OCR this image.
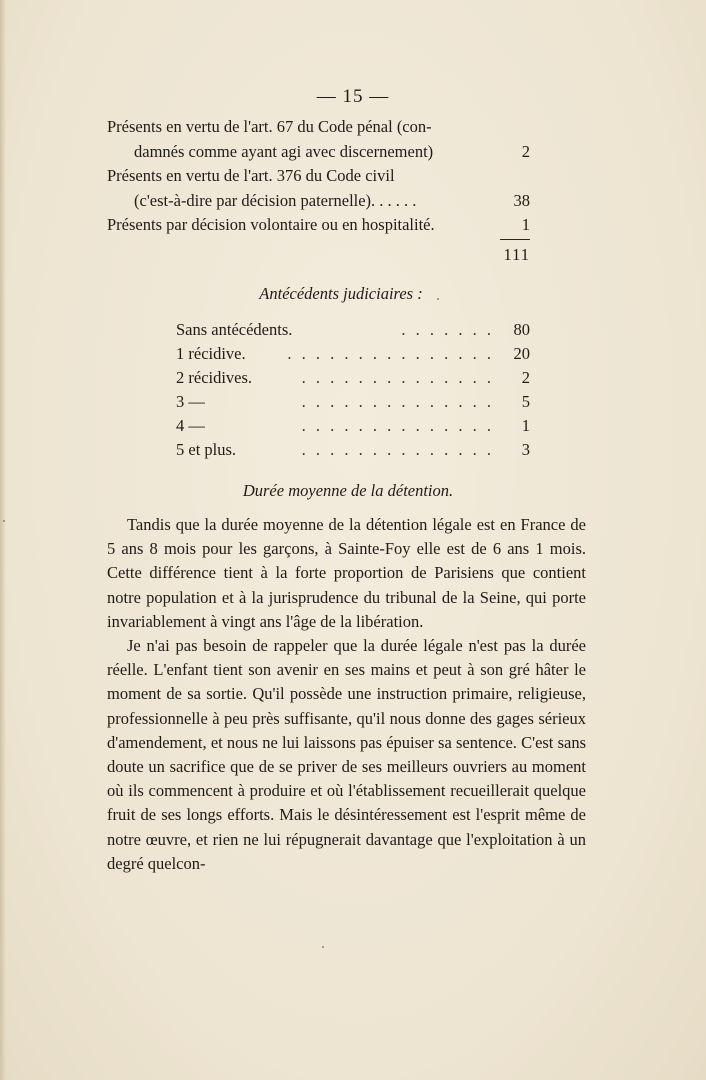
— 15 —
Présents en vertu de l'art. 67 du Code pénal (con-
damnés comme ayant agi avec discernement)	2
Présents en vertu de l'art. 376 du Code civil
(c'est-à-dire par décision paternelle). . . . . .	38
Présents par décision volontaire ou en hospitalité.	1
111
Antécédents judiciaires :
Sans antécédents.	. . . . . . . 80
1 récidive.	. . . . . . . . . . . . . . . 20
2 récidives.	. . . . . . . . . . . . . . 2
3 —	. . . . . . . . . . . . . . 5
4 —	. . . . . . . . . . . . . . 1
5 et plus.	. . . . . . . . . . . . . . 3
Durée moyenne de la détention.

Tandis que la durée moyenne de la détention légale est en France de 5 ans 8 mois pour les garçons, à Sainte-Foy elle est de 6 ans 1 mois. Cette différence tient à la forte proportion de Parisiens que contient notre population et à la jurisprudence du tribunal de la Seine, qui porte invariablement à vingt ans l'âge de la libération.

Je n'ai pas besoin de rappeler que la durée légale n'est pas la durée réelle. L'enfant tient son avenir en ses mains et peut à son gré hâter le moment de sa sortie. Qu'il possède une instruction primaire, religieuse, professionnelle à peu près suffisante, qu'il nous donne des gages sérieux d'amendement, et nous ne lui laissons pas épuiser sa sentence. C'est sans doute un sacrifice que de se priver de ses meilleurs ouvriers au moment où ils commencent à produire et où l'établissement recueillerait quelque fruit de ses longs efforts. Mais le désintéressement est l'esprit même de notre œuvre, et rien ne lui répugnerait davantage que l'exploitation à un degré quelcon-
